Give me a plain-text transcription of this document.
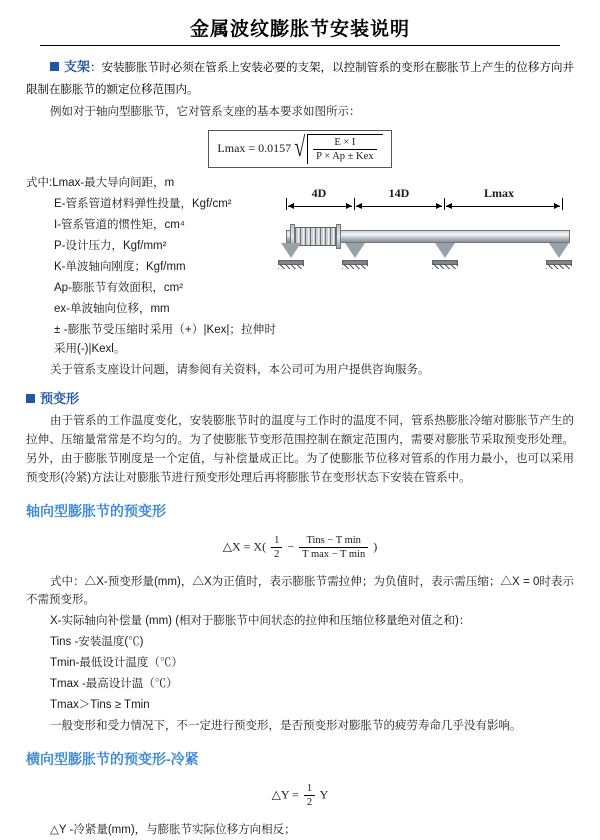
金属波纹膨胀节安装说明

支架：安装膨胀节时必须在管系上安装必要的支架，以控制管系的变形在膨胀节上产生的位移方向并限制在膨胀节的额定位移范围内。

例如对于轴向型膨胀节，它对管系支座的基本要求如图所示：

Lmax = 0.0157 √ $\frac{E \times I}{\text{P × Ap ± Kex}}$
4D	14D	Lmax

式中:Lmax-最大导向间距，m

E-管系管道材料弹性投量，Kgf/cm²

I-管系管道的惯性矩，cm⁴

P-设计压力，Kgf/mm²

K-单波轴向刚度；Kgf/mm

Ap-膨胀节有效面积，cm²

ex-单波轴向位移，mm

± -膨胀节受压缩时采用（+）|Kex|；拉伸时采用(-)|Kexl。

关于管系支座设计问题，请参阅有关资料，本公司可为用户提供咨询服务。

预变形

由于管系的工作温度变化，安装膨胀节时的温度与工作时的温度不同，管系热膨胀冷缩对膨胀节产生的拉伸、压缩量常常是不均匀的。为了使膨胀节变形范围控制在额定范围内，需要对膨胀节采取预变形处理。另外，由于膨胀节刚度是一个定值，与补偿量成正比。为了使膨胀节位移对管系的作用力最小，也可以采用预变形(冷紧)方法让对膨胀节进行预变形处理后再将膨胀节在变形状态下安装在管系中。

轴向型膨胀节的预变形

△X = $X( \frac{1}{2} - \frac{\text{Tins − T min}}{\text{T max − T min}}$ )

式中：△X-预变形量(mm)，△X为正值时，表示膨胀节需拉伸；为负值时，表示需压缩；△X = 0时表示不需预变形。

X-实际轴向补偿量 (mm) (相对于膨胀节中间状态的拉伸和压缩位移量绝对值之和)：

Tins -安装温度(℃)

Tmin-最低设计温度（℃）

Tmax -最高设计温（℃）

Tmax＞Tins ≥ Tmin

一般变形和受力情况下，不一定进行预变形，是否预变形对膨胀节的疲劳寿命几乎没有影响。

横向型膨胀节的预变形-冷紧

△Y = $\frac{1}{2}$ Y

△Y -冷紧量(mm)，与膨胀节实际位移方向相反；
